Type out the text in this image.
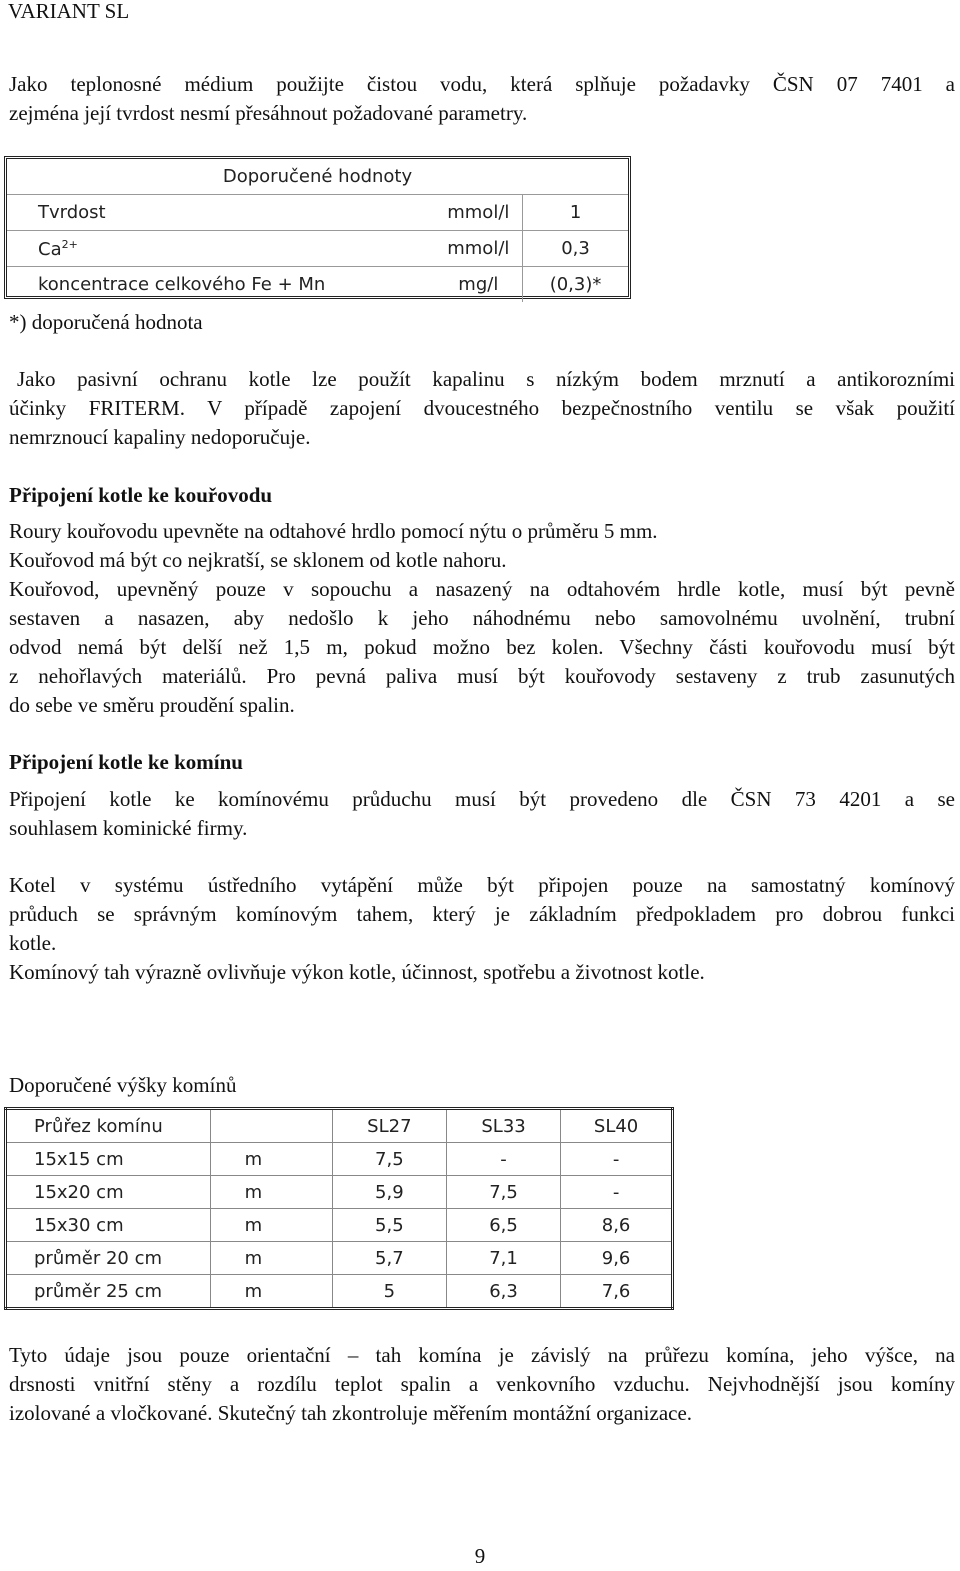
VARIANT SL
Jako teplonosné médium použijte čistou vodu, která splňuje požadavky ČSN 07 7401 a
zejména její tvrdost nesmí přesáhnout požadované parametry.
Doporučené hodnoty		
Tvrdost	mmol/l	1
$Ca^{2+}$	mmol/l	0,3
koncentrace celkového Fe + Mn	mg/l	(0,3)*
*) doporučená hodnota
Jako pasivní ochranu kotle lze použít kapalinu s nízkým bodem mrznutí a antikorozními
účinky FRITERM. V případě zapojení dvoucestného bezpečnostního ventilu se však použití
nemrznoucí kapaliny nedoporučuje.
Připojení kotle ke kouřovodu
Roury kouřovodu upevněte na odtahové hrdlo pomocí nýtu o průměru 5 mm.
Kouřovod má být co nejkratší, se sklonem od kotle nahoru.
Kouřovod, upevněný pouze v sopouchu a nasazený na odtahovém hrdle kotle, musí být pevně
sestaven a nasazen, aby nedošlo k jeho náhodnému nebo samovolnému uvolnění, trubní
odvod nemá být delší než 1,5 m, pokud možno bez kolen. Všechny části kouřovodu musí být
z nehořlavých materiálů. Pro pevná paliva musí být kouřovody sestaveny z trub zasunutých
do sebe ve směru proudění spalin.
Připojení kotle ke komínu
Připojení kotle ke komínovému průduchu musí být provedeno dle ČSN 73 4201 a se
souhlasem kominické firmy.
Kotel v systému ústředního vytápění může být připojen pouze na samostatný komínový
průduch se správným komínovým tahem, který je základním předpokladem pro dobrou funkci
kotle.
Komínový tah výrazně ovlivňuje výkon kotle, účinnost, spotřebu a životnost kotle.
Doporučené výšky komínů
Průřez komínu		SL27	SL33	SL40
15x15 cm	m	7,5	-	-
15x20 cm	m	5,9	7,5	-
15x30 cm	m	5,5	6,5	8,6
průměr 20 cm	m	5,7	7,1	9,6
průměr 25 cm	m	5	6,3	7,6
Tyto údaje jsou pouze orientační – tah komína je závislý na průřezu komína, jeho výšce, na
drsnosti vnitřní stěny a rozdílu teplot spalin a venkovního vzduchu. Nejvhodnější jsou komíny
izolované a vločkované. Skutečný tah zkontroluje měřením montážní organizace.
9
